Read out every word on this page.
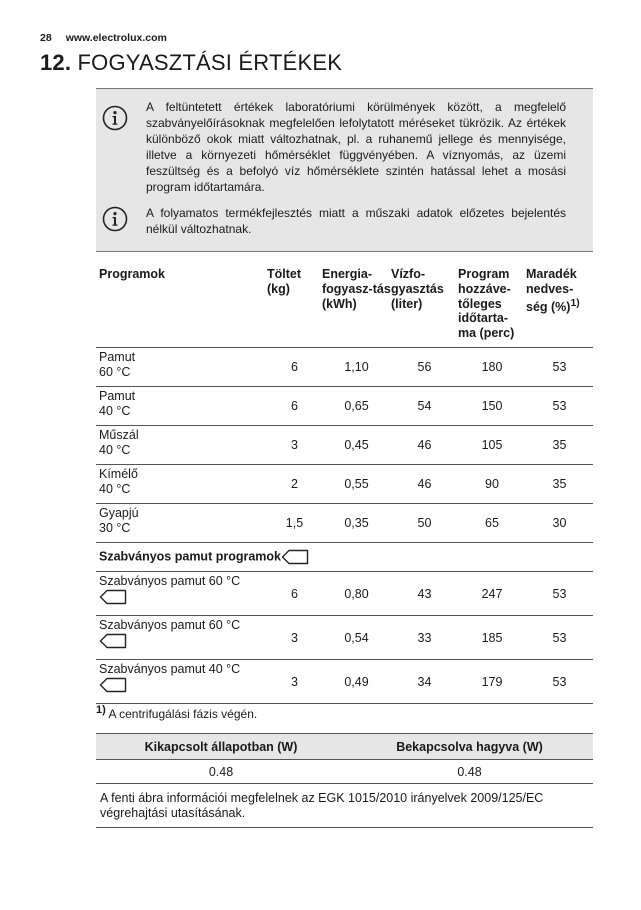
28 www.electrolux.com
12. FOGYASZTÁSI ÉRTÉKEK
A feltüntetett értékek laboratóriumi körülmények között, a megfelelő szabványelőírásoknak megfelelően lefolytatott méréseket tükrözik. Az értékek különböző okok miatt változhatnak, pl. a ruhanemű jellege és mennyisége, illetve a környezeti hőmérséklet függvényében. A víznyomás, az üzemi feszültség és a befolyó víz hőmérséklete szintén hatással lehet a mosási program időtartamára.
A folyamatos termékfejlesztés miatt a műszaki adatok előzetes bejelentés nélkül változhatnak.
Programok	Töltet (kg)	Energia-fogyasz-tás (kWh)	Vízfo-gyasztás (liter)	Program hozzáve-tőleges időtarta-ma (perc)	Maradék nedves-ség (%)$^{1)}$
Pamut
60 °C	6	1,10	56	180	53
Pamut
40 °C	6	0,65	54	150	53
Műszál
40 °C	3	0,45	46	105	35
Kímélő
40 °C	2	0,55	46	90	35
Gyapjú
30 °C	1,5	0,35	50	65	30
Szabványos pamut programok					
Szabványos pamut 60 °C	6	0,80	43	247	53
Szabványos pamut 60 °C	3	0,54	33	185	53
Szabványos pamut 40 °C	3	0,49	34	179	53
$^{1)}$ A centrifugálási fázis végén.
Kikapcsolt állapotban (W)	Bekapcsolva hagyva (W)
0.48	0.48
A fenti ábra információi megfelelnek az EGK 1015/2010 irányelvek 2009/125/EC végrehajtási utasításának.	
